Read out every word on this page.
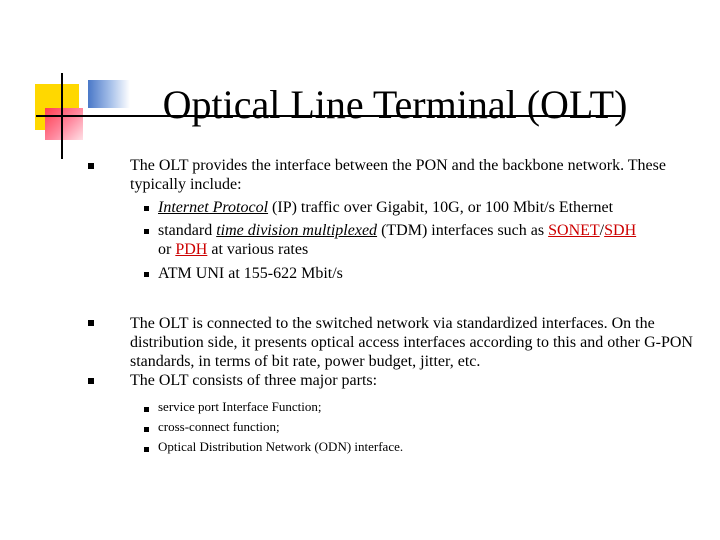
Optical Line Terminal (OLT)
The OLT provides the interface between the PON and the backbone network. These typically include:
Internet Protocol (IP) traffic over Gigabit, 10G, or 100 Mbit/s Ethernet
standard time division multiplexed (TDM) interfaces such as SONET/SDH
or PDH at various rates
ATM UNI at 155-622 Mbit/s
The OLT is connected to the switched network via standardized interfaces. On the distribution side, it presents optical access interfaces according to this and other G-PON standards, in terms of bit rate, power budget, jitter, etc.
The OLT consists of three major parts:
service port Interface Function;
cross-connect function;
Optical Distribution Network (ODN) interface.
